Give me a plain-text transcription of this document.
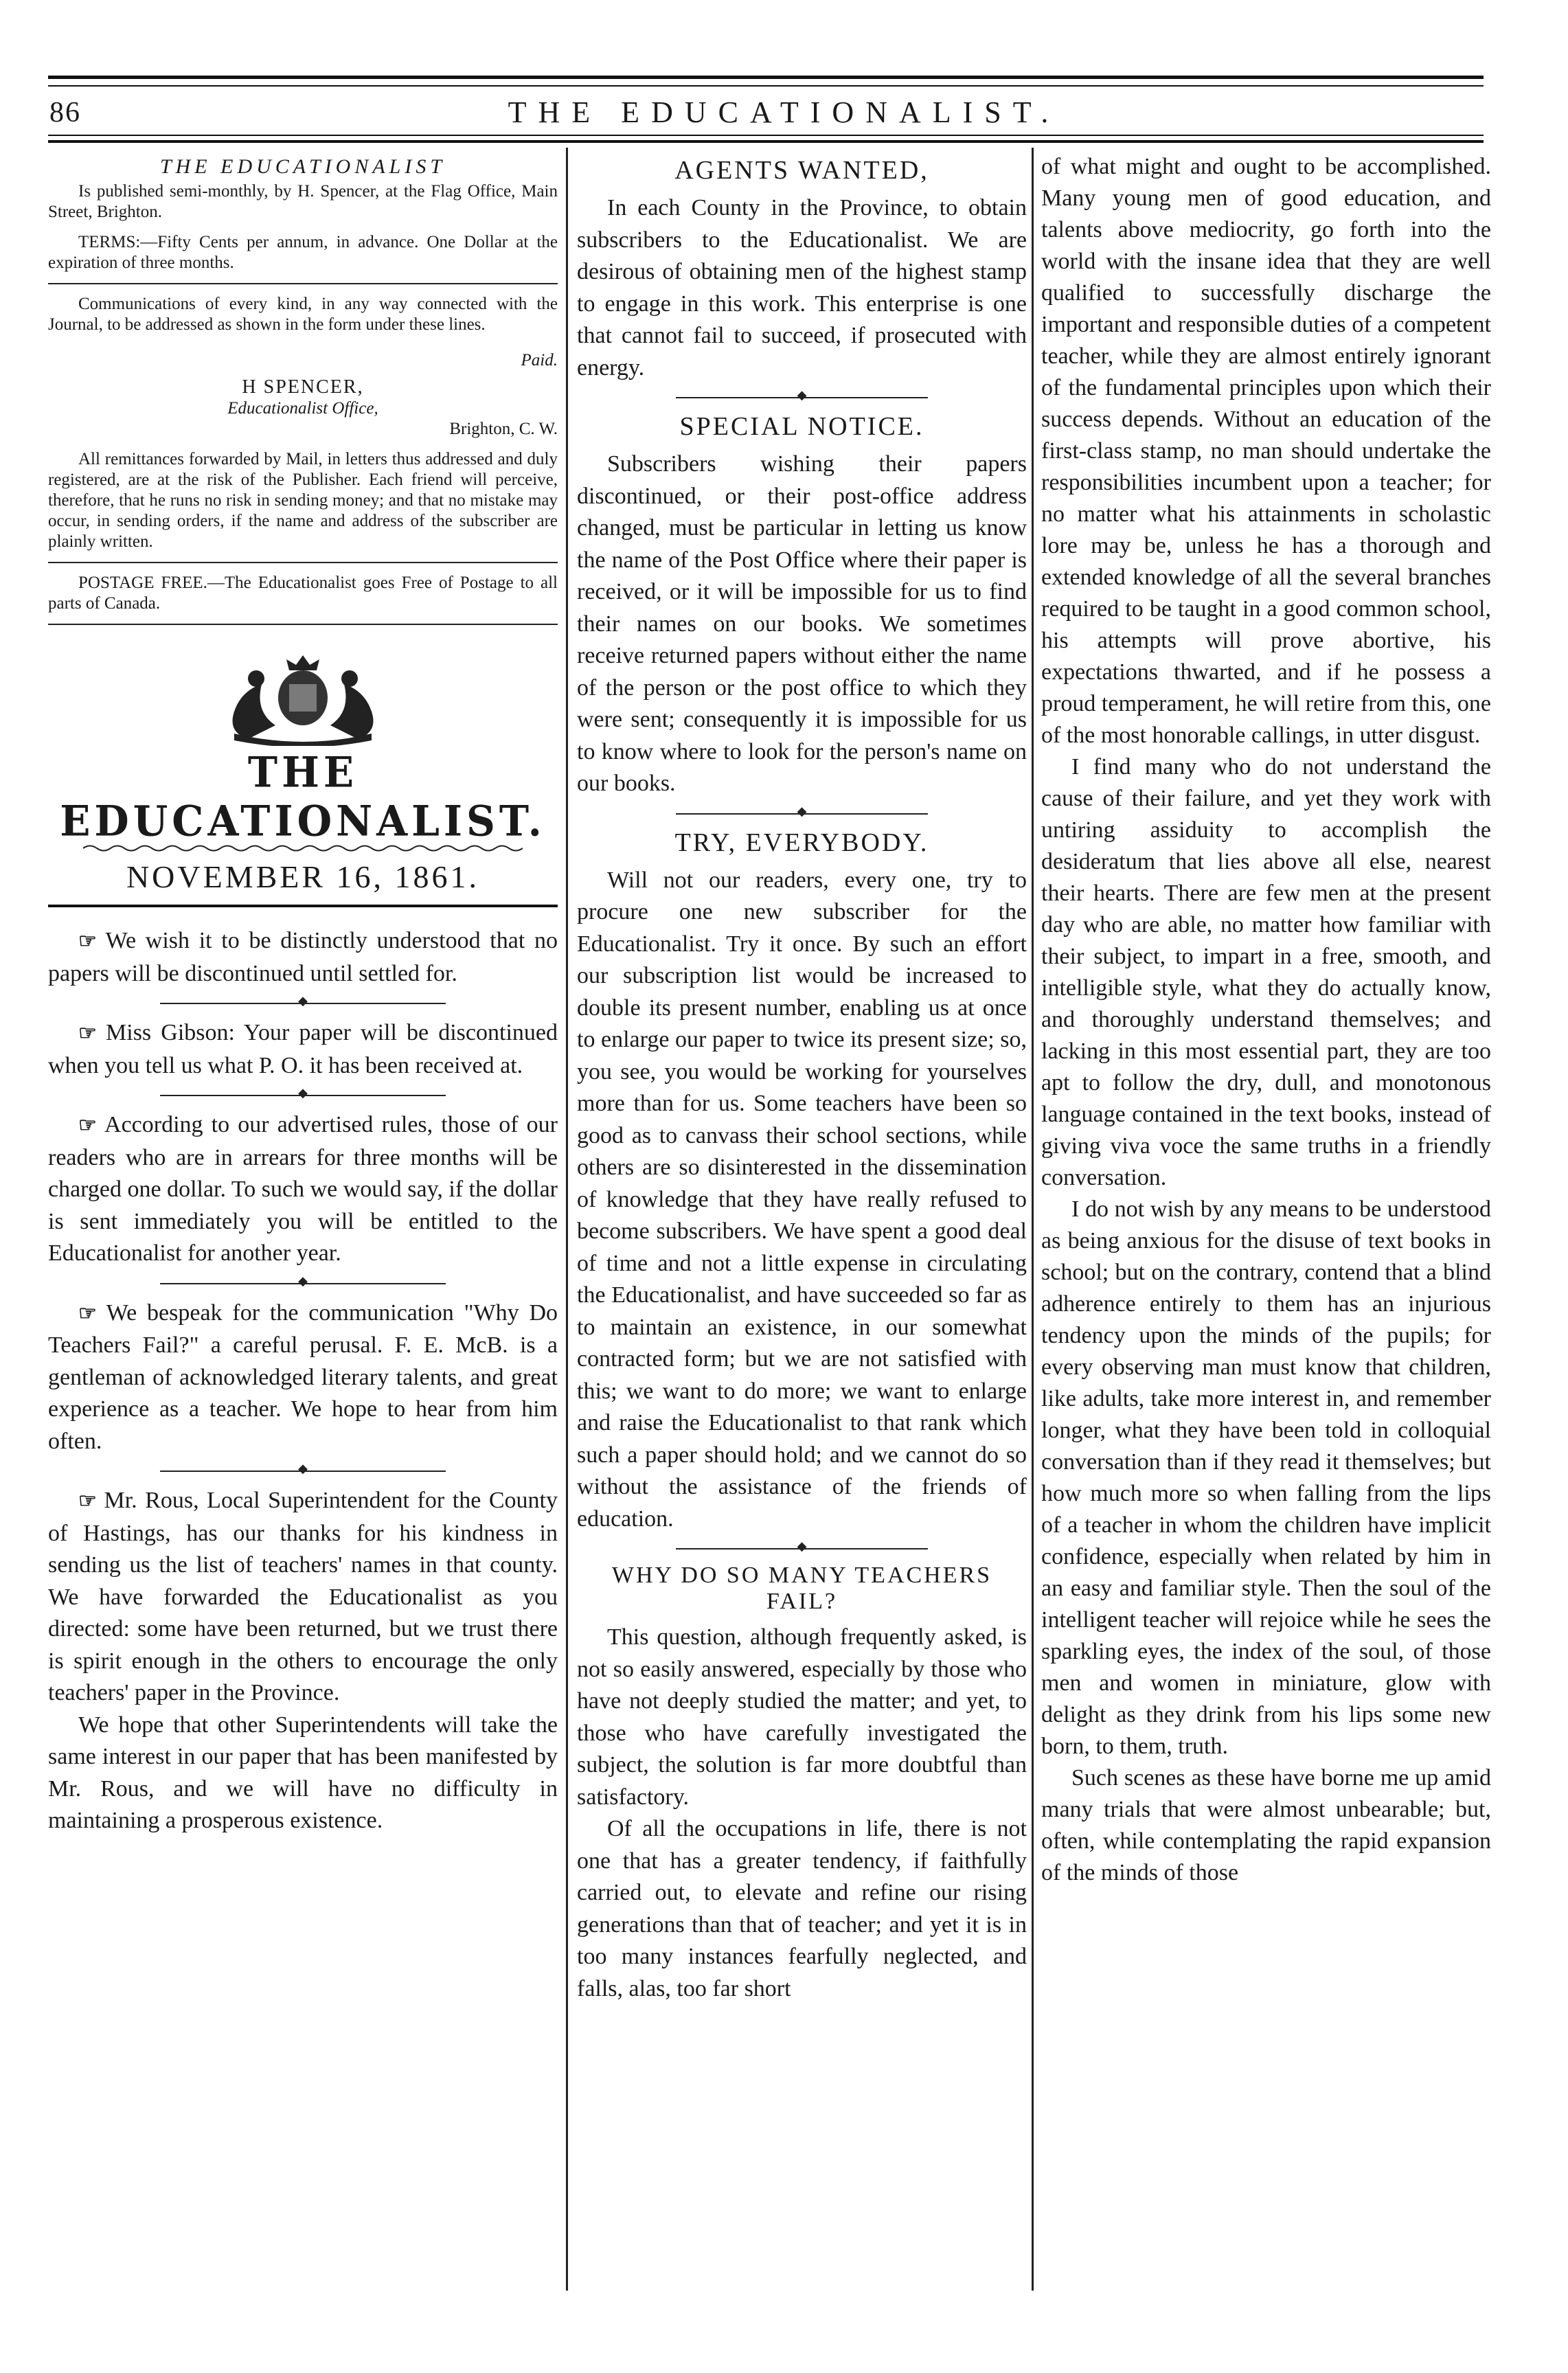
86	THE EDUCATIONALIST.
THE EDUCATIONALIST

Is published semi-monthly, by H. Spencer, at the Flag Office, Main Street, Brighton.

TERMS:—Fifty Cents per annum, in advance. One Dollar at the expiration of three months.

Communications of every kind, in any way connected with the Journal, to be addressed as shown in the form under these lines.

Paid.

H SPENCER,

Educationalist Office,

Brighton, C. W.

All remittances forwarded by Mail, in letters thus addressed and duly registered, are at the risk of the Publisher. Each friend will perceive, therefore, that he runs no risk in sending money; and that no mistake may occur, in sending orders, if the name and address of the subscriber are plainly written.

POSTAGE FREE.—The Educationalist goes Free of Postage to all parts of Canada.

THE EDUCATIONALIST.
NOVEMBER 16, 1861.

☞ We wish it to be distinctly understood that no papers will be discontinued until settled for.

◆

☞ Miss Gibson: Your paper will be discontinued when you tell us what P. O. it has been received at.

◆

☞ According to our advertised rules, those of our readers who are in arrears for three months will be charged one dollar. To such we would say, if the dollar is sent immediately you will be entitled to the Educationalist for another year.

◆

☞ We bespeak for the communication "Why Do Teachers Fail?" a careful perusal. F. E. McB. is a gentleman of acknowledged literary talents, and great experience as a teacher. We hope to hear from him often.

◆

☞ Mr. Rous, Local Superintendent for the County of Hastings, has our thanks for his kindness in sending us the list of teachers' names in that county. We have forwarded the Educationalist as you directed: some have been returned, but we trust there is spirit enough in the others to encourage the only teachers' paper in the Province.

We hope that other Superintendents will take the same interest in our paper that has been manifested by Mr. Rous, and we will have no difficulty in maintaining a prosperous existence.

AGENTS WANTED,

In each County in the Province, to obtain subscribers to the Educationalist. We are desirous of obtaining men of the highest stamp to engage in this work. This enterprise is one that cannot fail to succeed, if prosecuted with energy.

◆
SPECIAL NOTICE.

Subscribers wishing their papers discontinued, or their post-office address changed, must be particular in letting us know the name of the Post Office where their paper is received, or it will be impossible for us to find their names on our books. We sometimes receive returned papers without either the name of the person or the post office to which they were sent; consequently it is impossible for us to know where to look for the person's name on our books.

◆
TRY, EVERYBODY.

Will not our readers, every one, try to procure one new subscriber for the Educationalist. Try it once. By such an effort our subscription list would be increased to double its present number, enabling us at once to enlarge our paper to twice its present size; so, you see, you would be working for yourselves more than for us. Some teachers have been so good as to canvass their school sections, while others are so disinterested in the dissemination of knowledge that they have really refused to become subscribers. We have spent a good deal of time and not a little expense in circulating the Educationalist, and have succeeded so far as to maintain an existence, in our somewhat contracted form; but we are not satisfied with this; we want to do more; we want to enlarge and raise the Educationalist to that rank which such a paper should hold; and we cannot do so without the assistance of the friends of education.

◆
WHY DO SO MANY TEACHERS FAIL?

This question, although frequently asked, is not so easily answered, especially by those who have not deeply studied the matter; and yet, to those who have carefully investigated the subject, the solution is far more doubtful than satisfactory.

Of all the occupations in life, there is not one that has a greater tendency, if faithfully carried out, to elevate and refine our rising generations than that of teacher; and yet it is in too many instances fearfully neglected, and falls, alas, too far short

of what might and ought to be accomplished. Many young men of good education, and talents above mediocrity, go forth into the world with the insane idea that they are well qualified to successfully discharge the important and responsible duties of a competent teacher, while they are almost entirely ignorant of the fundamental principles upon which their success depends. Without an education of the first-class stamp, no man should undertake the responsibilities incumbent upon a teacher; for no matter what his attainments in scholastic lore may be, unless he has a thorough and extended knowledge of all the several branches required to be taught in a good common school, his attempts will prove abortive, his expectations thwarted, and if he possess a proud temperament, he will retire from this, one of the most honorable callings, in utter disgust.

I find many who do not understand the cause of their failure, and yet they work with untiring assiduity to accomplish the desideratum that lies above all else, nearest their hearts. There are few men at the present day who are able, no matter how familiar with their subject, to impart in a free, smooth, and intelligible style, what they do actually know, and thoroughly understand themselves; and lacking in this most essential part, they are too apt to follow the dry, dull, and monotonous language contained in the text books, instead of giving viva voce the same truths in a friendly conversation.

I do not wish by any means to be understood as being anxious for the disuse of text books in school; but on the contrary, contend that a blind adherence entirely to them has an injurious tendency upon the minds of the pupils; for every observing man must know that children, like adults, take more interest in, and remember longer, what they have been told in colloquial conversation than if they read it themselves; but how much more so when falling from the lips of a teacher in whom the children have implicit confidence, especially when related by him in an easy and familiar style. Then the soul of the intelligent teacher will rejoice while he sees the sparkling eyes, the index of the soul, of those men and women in miniature, glow with delight as they drink from his lips some new born, to them, truth.

Such scenes as these have borne me up amid many trials that were almost unbearable; but, often, while contemplating the rapid expansion of the minds of those
